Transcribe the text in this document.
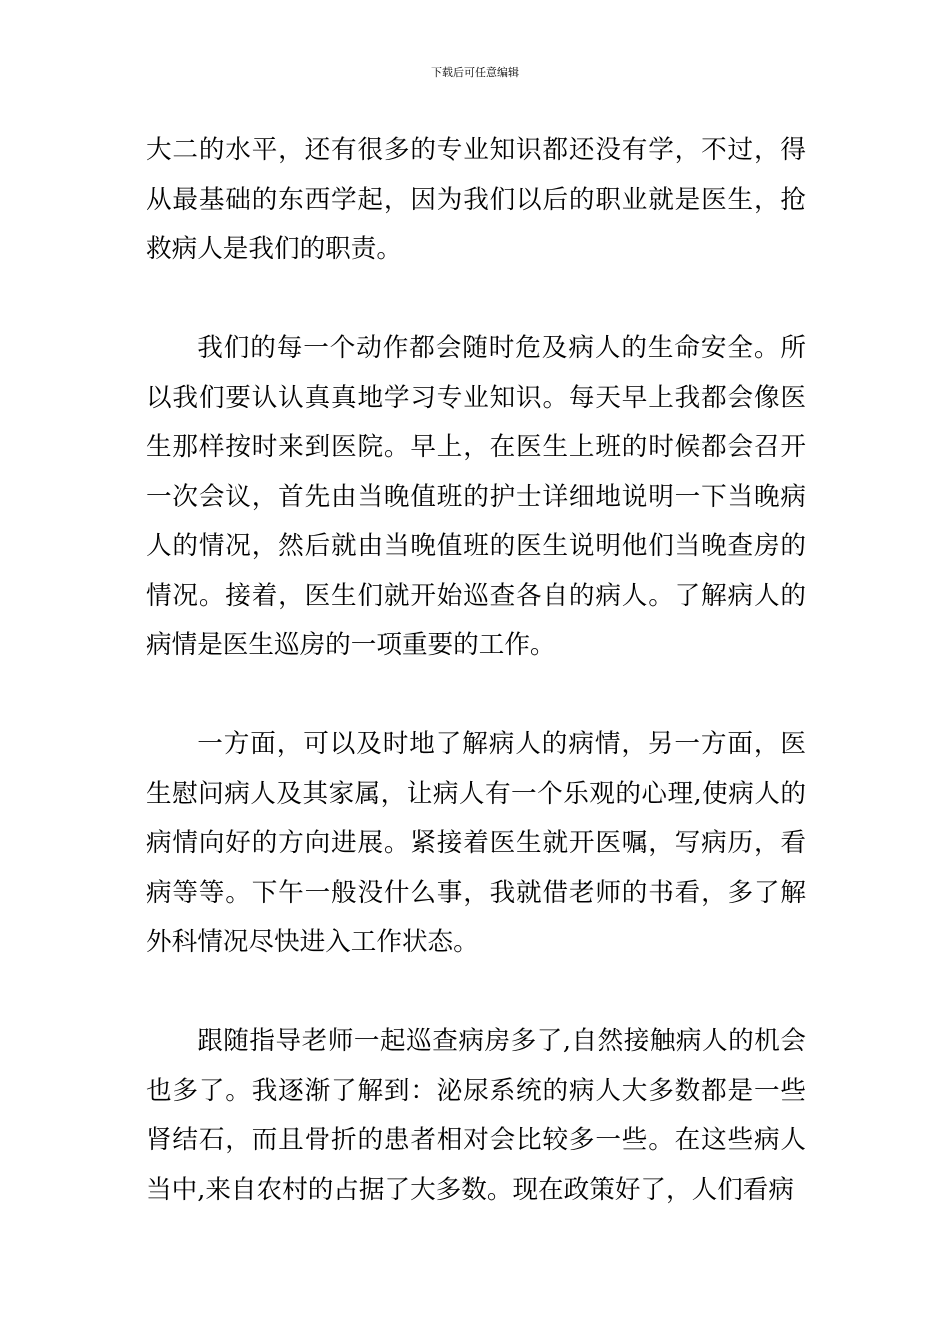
下载后可任意编辑

大二的水平，还有很多的专业知识都还没有学，不过，得从最基础的东西学起，因为我们以后的职业就是医生，抢救病人是我们的职责。

我们的每一个动作都会随时危及病人的生命安全。所以我们要认认真真地学习专业知识。每天早上我都会像医生那样按时来到医院。早上，在医生上班的时候都会召开一次会议，首先由当晚值班的护士详细地说明一下当晚病人的情况，然后就由当晚值班的医生说明他们当晚查房的情况。接着，医生们就开始巡查各自的病人。了解病人的病情是医生巡房的一项重要的工作。

一方面，可以及时地了解病人的病情，另一方面，医生慰问病人及其家属，让病人有一个乐观的心理,使病人的病情向好的方向进展。紧接着医生就开医嘱，写病历，看病等等。下午一般没什么事，我就借老师的书看，多了解外科情况尽快进入工作状态。

跟随指导老师一起巡查病房多了,自然接触病人的机会也多了。我逐渐了解到：泌尿系统的病人大多数都是一些肾结石，而且骨折的患者相对会比较多一些。在这些病人当中,来自农村的占据了大多数。现在政策好了，人们看病
